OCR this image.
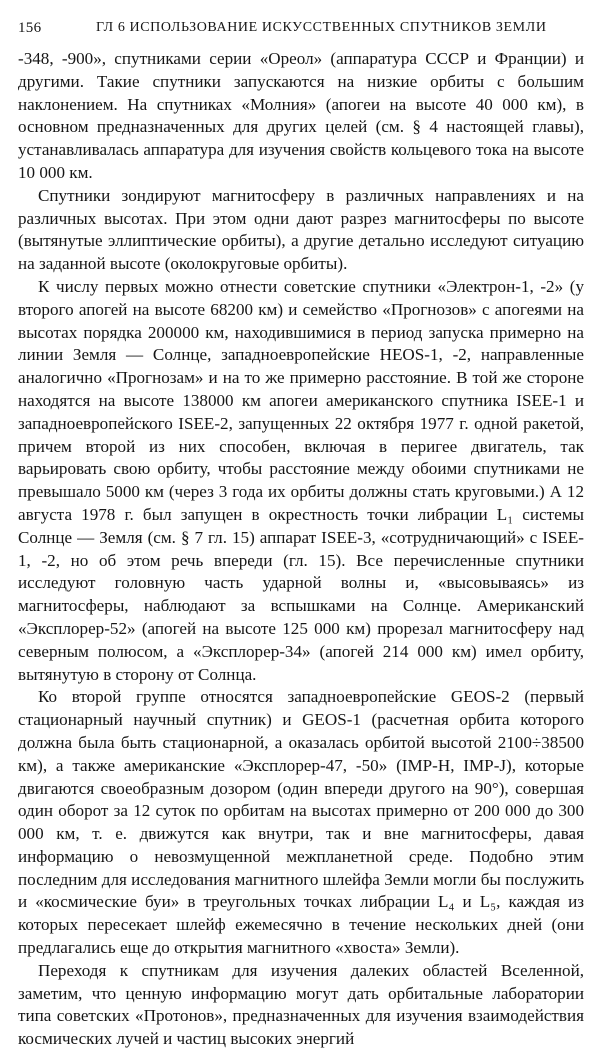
156	ГЛ 6 ИСПОЛЬЗОВАНИЕ ИСКУССТВЕННЫХ СПУТНИКОВ ЗЕМЛИ

-348, -900», спутниками серии «Ореол» (аппаратура СССР и Франции) и другими. Такие спутники запускаются на низкие орбиты с большим наклонением. На спутниках «Молния» (апогеи на высоте 40 000 км), в основном предназначенных для других целей (см. § 4 настоящей главы), устанавливалась аппаратура для изучения свойств кольцевого тока на высоте 10 000 км.

Спутники зондируют магнитосферу в различных направлениях и на различных высотах. При этом одни дают разрез магнитосферы по высоте (вытянутые эллиптические орбиты), а другие детально исследуют ситуацию на заданной высоте (околокруговые орбиты).

К числу первых можно отнести советские спутники «Электрон-1, -2» (у второго апогей на высоте 68200 км) и семейство «Прогнозов» с апогеями на высотах порядка 200000 км, находившимися в период запуска примерно на линии Земля — Солнце, западноевропейские HEOS-1, -2, направленные аналогично «Прогнозам» и на то же примерно расстояние. В той же стороне находятся на высоте 138000 км апогеи американского спутника ISEE-1 и западноевропейского ISEE-2, запущенных 22 октября 1977 г. одной ракетой, причем второй из них способен, включая в перигее двигатель, так варьировать свою орбиту, чтобы расстояние между обоими спутниками не превышало 5000 км (через 3 года их орбиты должны стать круговыми.) А 12 августа 1978 г. был запущен в окрестность точки либрации L₁ системы Солнце — Земля (см. § 7 гл. 15) аппарат ISEE-3, «сотрудничающий» с ISEE-1, -2, но об этом речь впереди (гл. 15). Все перечисленные спутники исследуют головную часть ударной волны и, «высовываясь» из магнитосферы, наблюдают за вспышками на Солнце. Американский «Эксплорер-52» (апогей на высоте 125 000 км) прорезал магнитосферу над северным полюсом, а «Эксплорер-34» (апогей 214 000 км) имел орбиту, вытянутую в сторону от Солнца.

Ко второй группе относятся западноевропейские GEOS-2 (первый стационарный научный спутник) и GEOS-1 (расчетная орбита которого должна была быть стационарной, а оказалась орбитой высотой 2100÷38500 км), а также американские «Эксплорер-47, -50» (IMP-H, IMP-J), которые двигаются своеобразным дозором (один впереди другого на 90°), совершая один оборот за 12 суток по орбитам на высотах примерно от 200 000 до 300 000 км, т. е. движутся как внутри, так и вне магнитосферы, давая информацию о невозмущенной межпланетной среде. Подобно этим последним для исследования магнитного шлейфа Земли могли бы послужить и «космические буи» в треугольных точках либрации L₄ и L₅, каждая из которых пересекает шлейф ежемесячно в течение нескольких дней (они предлагались еще до открытия магнитного «хвоста» Земли).

Переходя к спутникам для изучения далеких областей Вселенной, заметим, что ценную информацию могут дать орбитальные лаборатории типа советских «Протонов», предназначенных для изучения взаимодействия космических лучей и частиц высоких энергий
